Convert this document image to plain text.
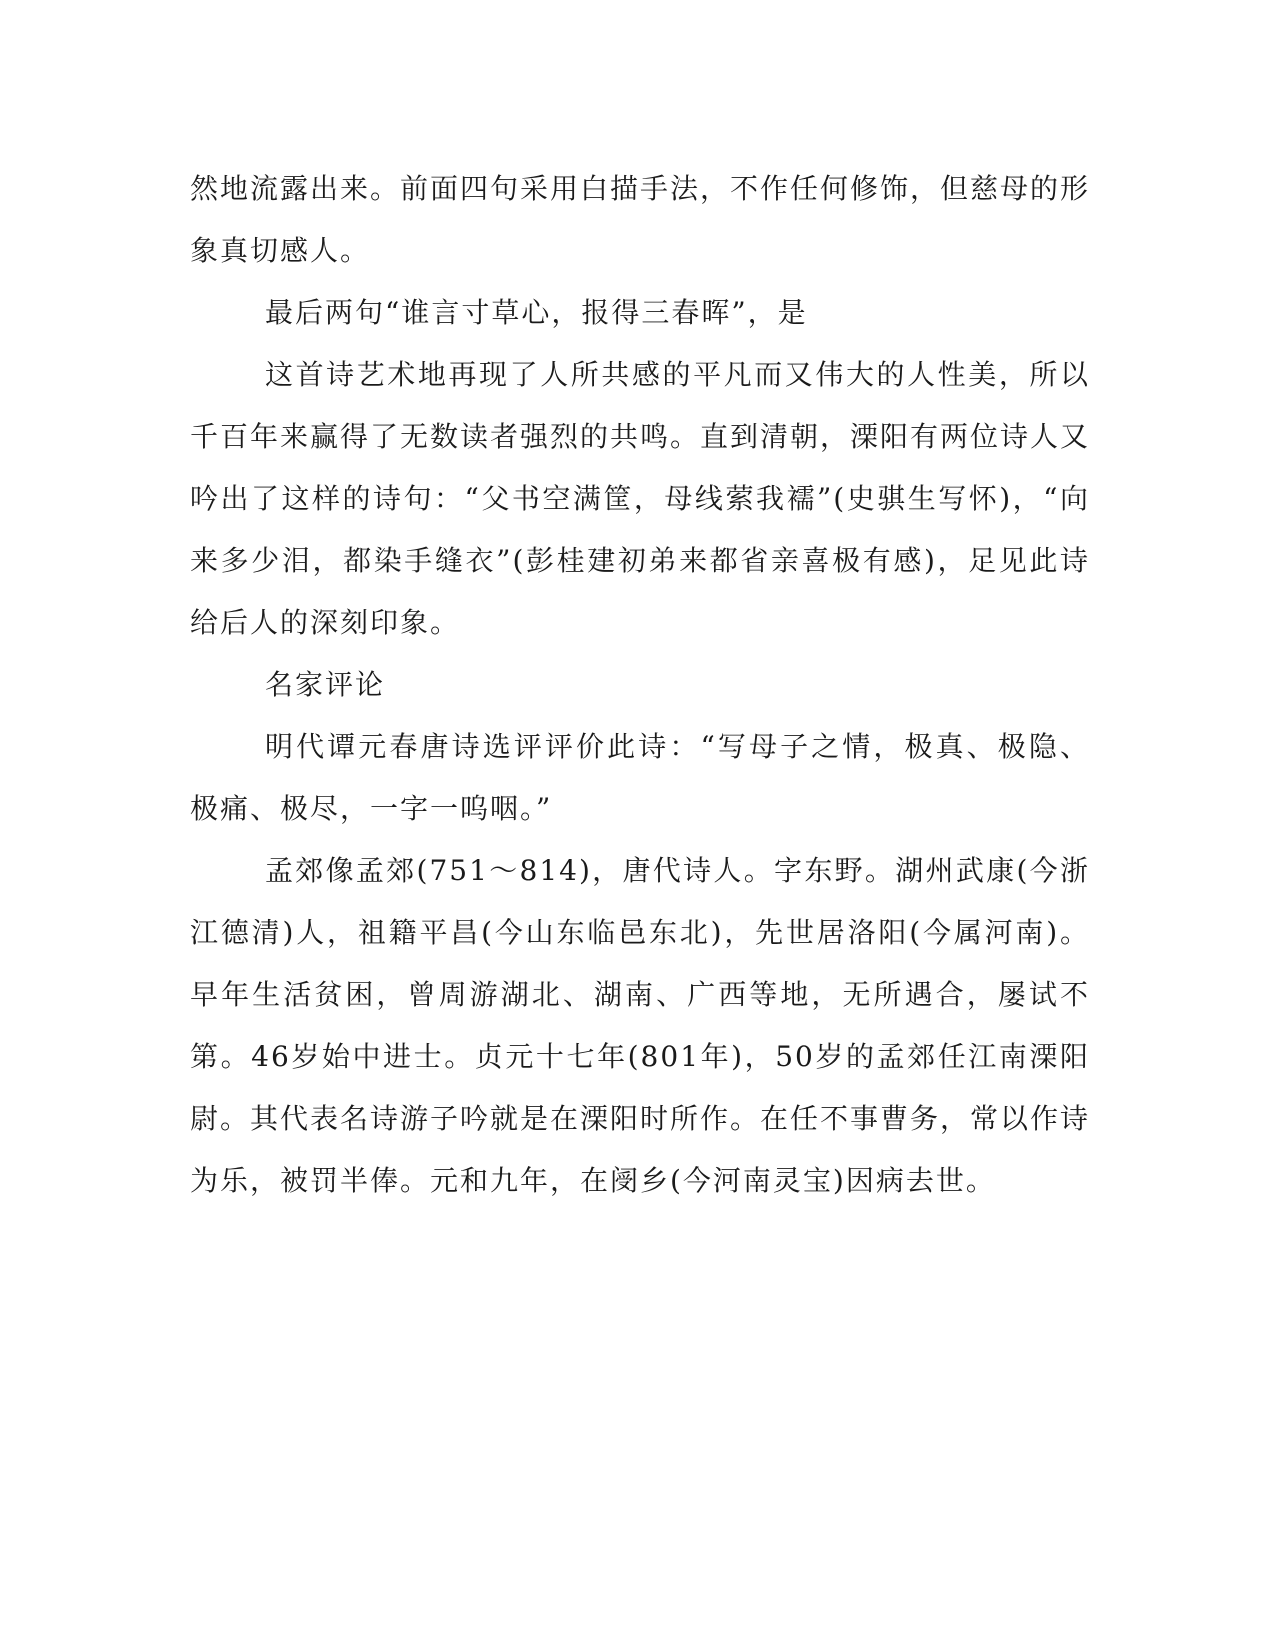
然地流露出来。前面四句采用白描手法，不作任何修饰，但慈母的形象真切感人。

最后两句“谁言寸草心，报得三春晖”，是

这首诗艺术地再现了人所共感的平凡而又伟大的人性美，所以千百年来赢得了无数读者强烈的共鸣。直到清朝，溧阳有两位诗人又吟出了这样的诗句：“父书空满筐，母线萦我襦”(史骐生写怀)，“向来多少泪，都染手缝衣”(彭桂建初弟来都省亲喜极有感)，足见此诗给后人的深刻印象。

名家评论

明代谭元春唐诗选评评价此诗：“写母子之情，极真、极隐、极痛、极尽，一字一呜咽。”

孟郊像孟郊(751～814)，唐代诗人。字东野。湖州武康(今浙江德清)人，祖籍平昌(今山东临邑东北)，先世居洛阳(今属河南)。早年生活贫困，曾周游湖北、湖南、广西等地，无所遇合，屡试不第。46岁始中进士。贞元十七年(801年)，50岁的孟郊任江南溧阳尉。其代表名诗游子吟就是在溧阳时所作。在任不事曹务，常以作诗为乐，被罚半俸。元和九年，在阌乡(今河南灵宝)因病去世。
